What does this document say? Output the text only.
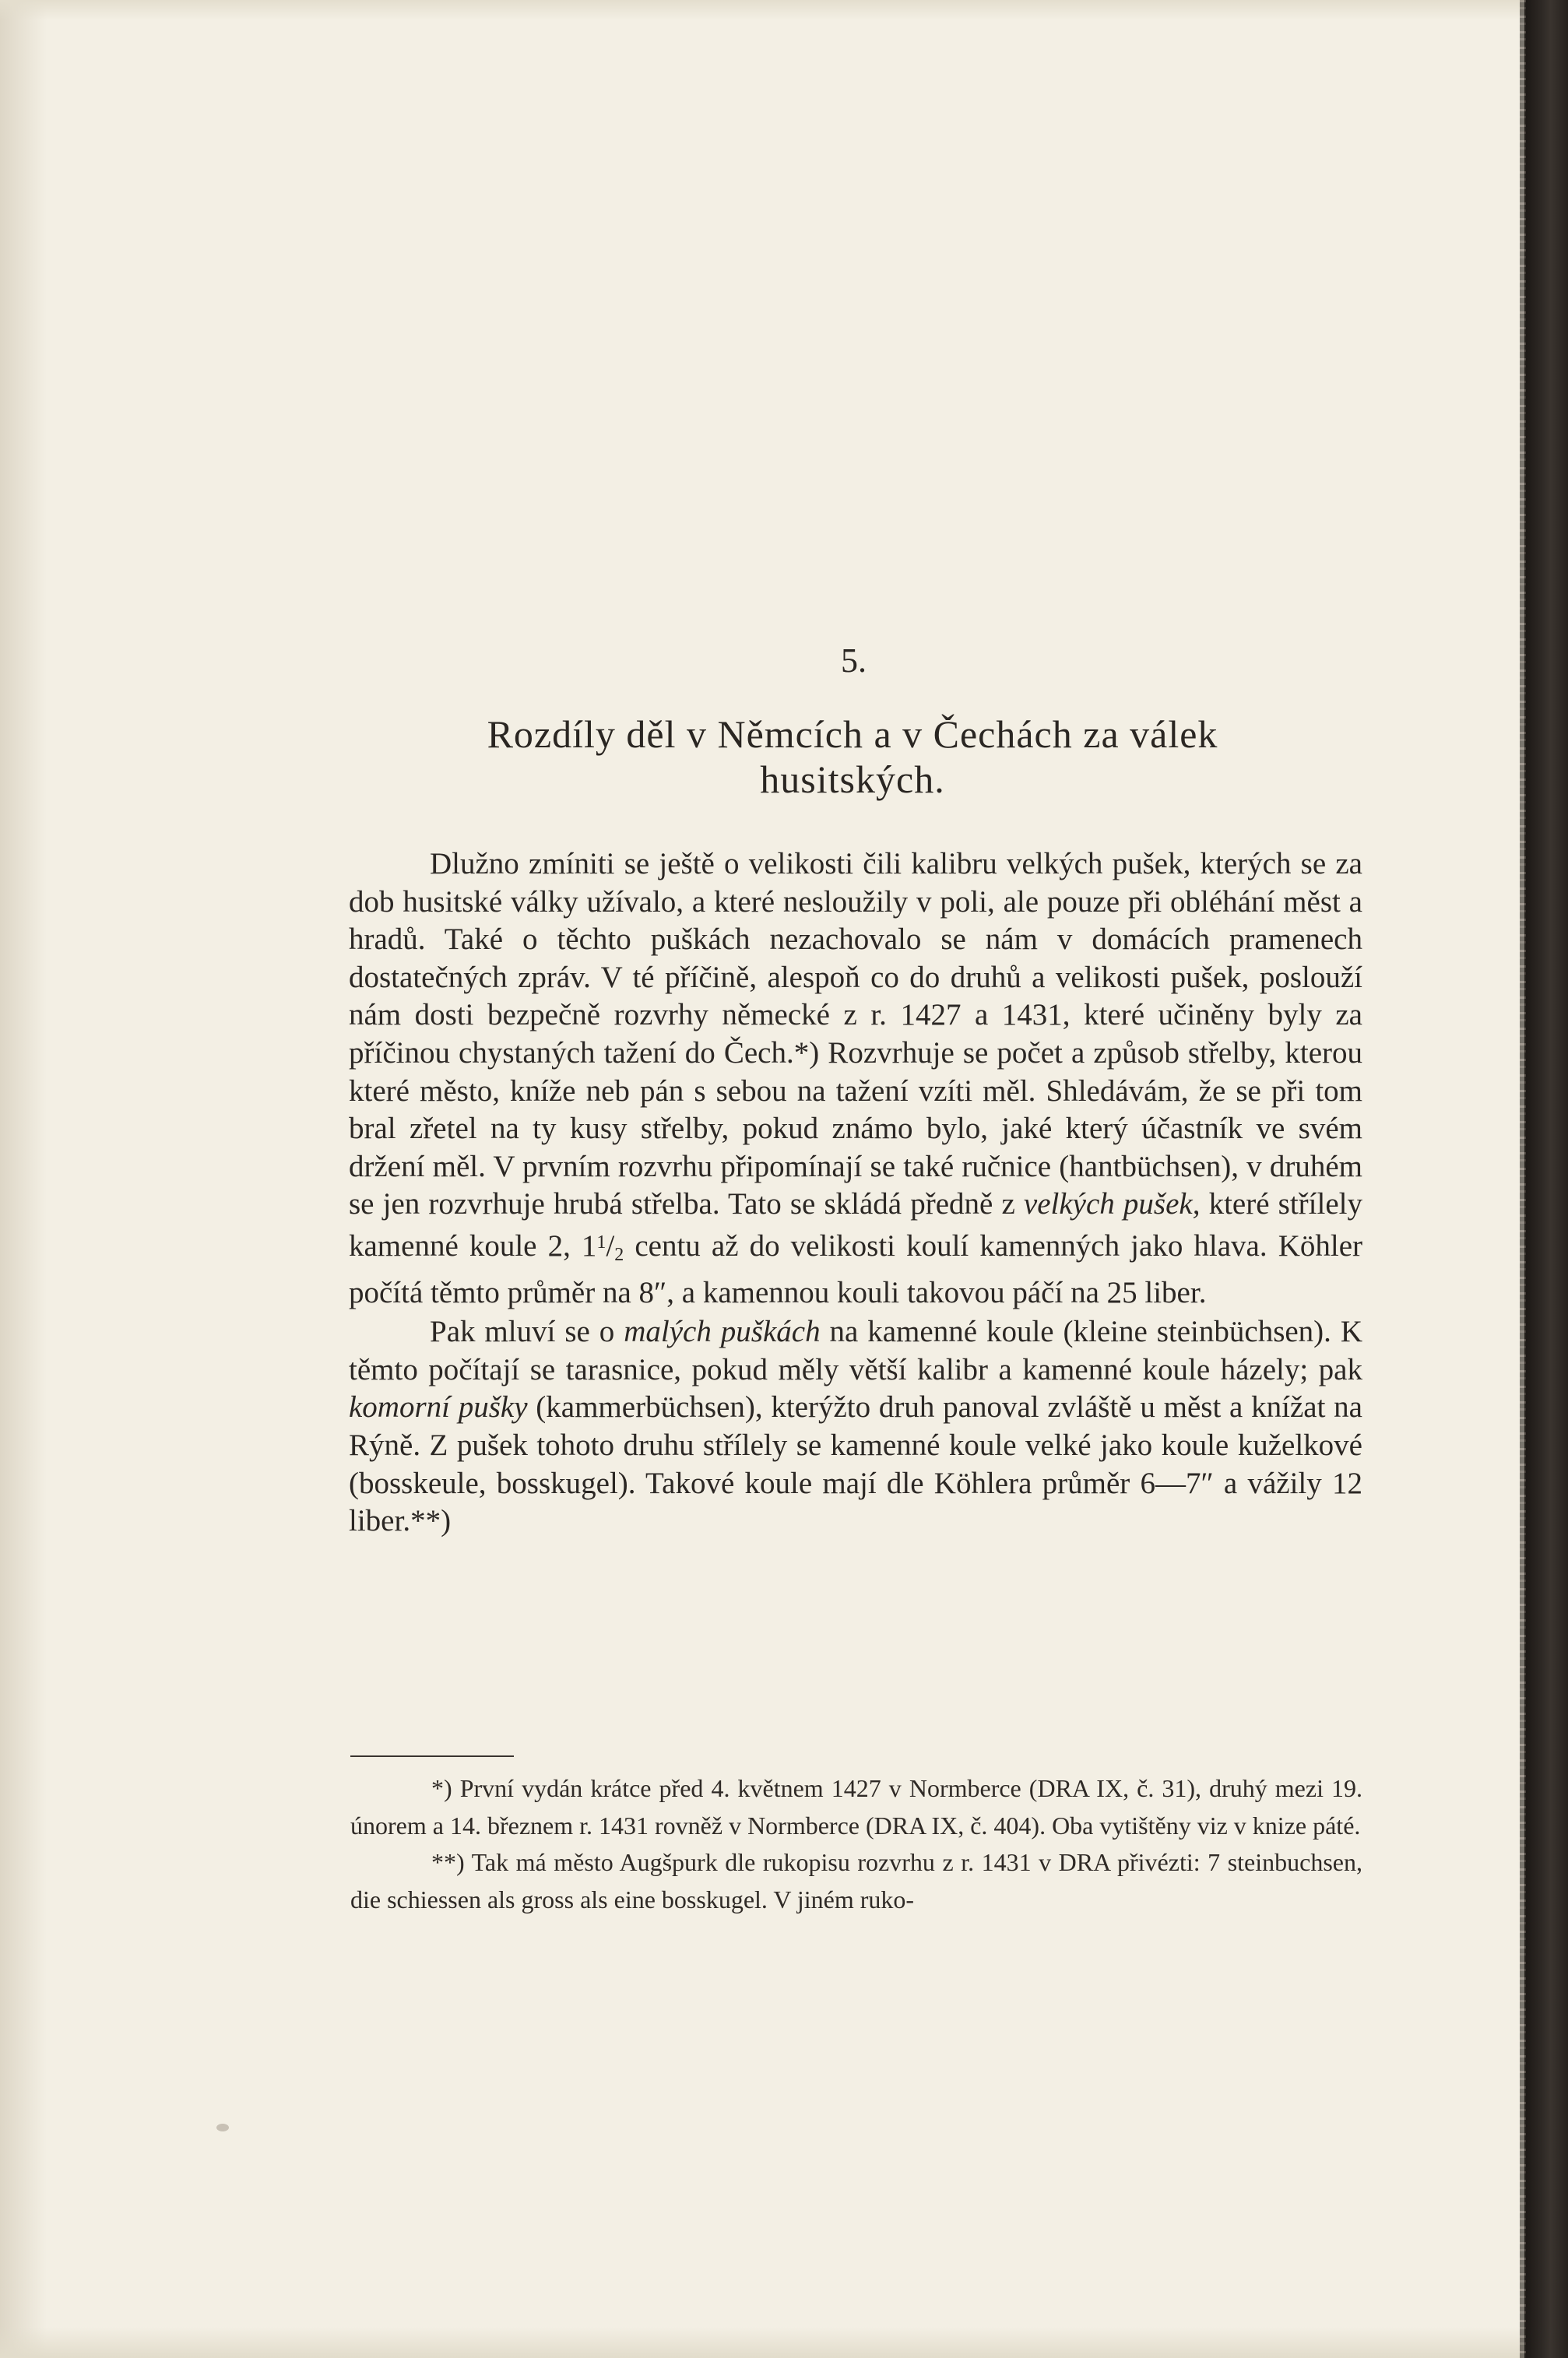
5.
Rozdíly děl v Němcích a v Čechách za válek
husitských.

Dlužno zmíniti se ještě o velikosti čili kalibru velkých pušek, kterých se za dob husitské války užívalo, a které nesloužily v poli, ale pouze při obléhání měst a hradů. Také o těchto puškách nezachovalo se nám v domácích pramenech dostatečných zpráv. V té příčině, alespoň co do druhů a velikosti pušek, poslouží nám dosti bezpečně rozvrhy německé z r. 1427 a 1431, které učiněny byly za příčinou chystaných tažení do Čech.*) Rozvrhuje se počet a způsob střelby, kterou které město, kníže neb pán s sebou na tažení vzíti měl. Shledávám, že se při tom bral zřetel na ty kusy střelby, pokud známo bylo, jaké který účastník ve svém držení měl. V prvním rozvrhu připomínají se také ručnice (hantbüchsen), v druhém se jen rozvrhuje hrubá střelba. Tato se skládá předně z velkých pušek, které střílely kamenné koule 2, $1^1/_2$ centu až do velikosti koulí kamenných jako hlava. Köhler počítá těmto průměr na 8″, a kamennou kouli takovou páčí na 25 liber.

Pak mluví se o malých puškách na kamenné koule (kleine steinbüchsen). K těmto počítají se tarasnice, pokud měly větší kalibr a kamenné koule házely; pak komorní pušky (kammerbüchsen), kterýžto druh panoval zvláště u měst a knížat na Rýně. Z pušek tohoto druhu střílely se kamenné koule velké jako koule kuželkové (bosskeule, bosskugel). Takové koule mají dle Köhlera průměr 6—7″ a vážily 12 liber.**)

*) První vydán krátce před 4. květnem 1427 v Normberce (DRA IX, č. 31), druhý mezi 19. únorem a 14. březnem r. 1431 rovněž v Normberce (DRA IX, č. 404). Oba vytištěny viz v knize páté.

**) Tak má město Augšpurk dle rukopisu rozvrhu z r. 1431 v DRA přivézti: 7 steinbuchsen, die schiessen als gross als eine bosskugel. V jiném ruko-
